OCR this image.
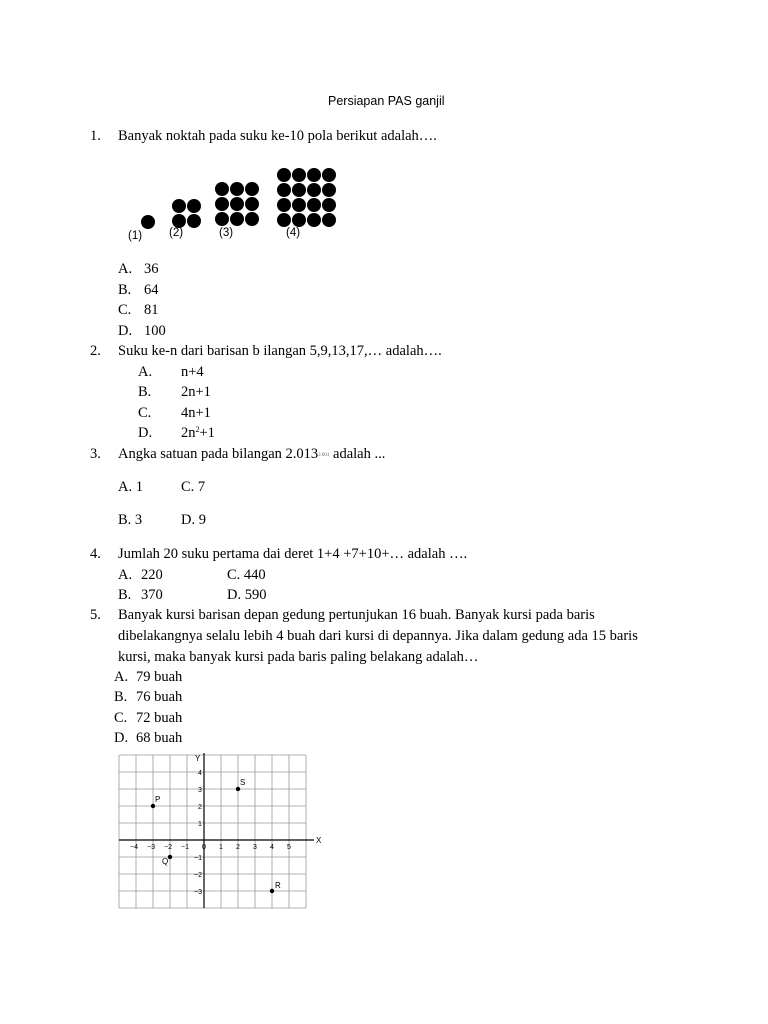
Persiapan PAS ganjil
1. Banyak noktah pada suku ke-10 pola berikut adalah….
(1) (2)	(3)	(4)
A. 36
B. 64
C. 81
D. 100
2. Suku ke-n dari barisan b ilangan 5,9,13,17,… adalah….
A. n+4
B. 2n+1
C. 4n+1
D. $2n^2+1$
3. Angka satuan pada bilangan $2.013^{2.001}$ adalah ...
A. 1	C. 7
B. 3	D. 9
4. Jumlah 20 suku pertama dai deret 1+4 +7+10+… adalah ….
A. 220	C. 440
B. 370	D. 590
5. Banyak kursi barisan depan gedung pertunjukan 16 buah. Banyak kursi pada baris
dibelakangnya selalu lebih 4 buah dari kursi di depannya. Jika dalam gedung ada 15 baris
kursi, maka banyak kursi pada baris paling belakang adalah…
A. 79 buah
B. 76 buah
C. 72 buah
D. 68 buah
X
Y
−4 −3 −2 −1 0 1 2 3 4 5
4
3
2
1
−1
−2
−3
P
S
Q
R
